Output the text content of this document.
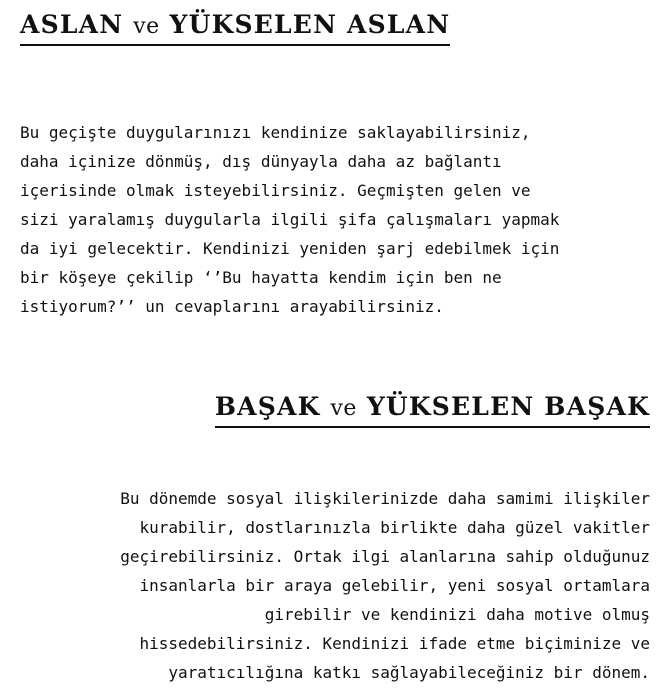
ASLAN ve YÜKSELEN ASLAN
Bu geçişte duygularınızı kendinize saklayabilirsiniz,
daha içinize dönmüş, dış dünyayla daha az bağlantı
içerisinde olmak isteyebilirsiniz. Geçmişten gelen ve
sizi yaralamış duygularla ilgili şifa çalışmaları yapmak
da iyi gelecektir. Kendinizi yeniden şarj edebilmek için
bir köşeye çekilip ‘’Bu hayatta kendim için ben ne
istiyorum?’’ un cevaplarını arayabilirsiniz.
BAŞAK ve YÜKSELEN BAŞAK
Bu dönemde sosyal ilişkilerinizde daha samimi ilişkiler
kurabilir, dostlarınızla birlikte daha güzel vakitler
geçirebilirsiniz. Ortak ilgi alanlarına sahip olduğunuz
insanlarla bir araya gelebilir, yeni sosyal ortamlara
girebilir ve kendinizi daha motive olmuş
hissedebilirsiniz. Kendinizi ifade etme biçiminize ve
yaratıcılığına katkı sağlayabileceğiniz bir dönem.
